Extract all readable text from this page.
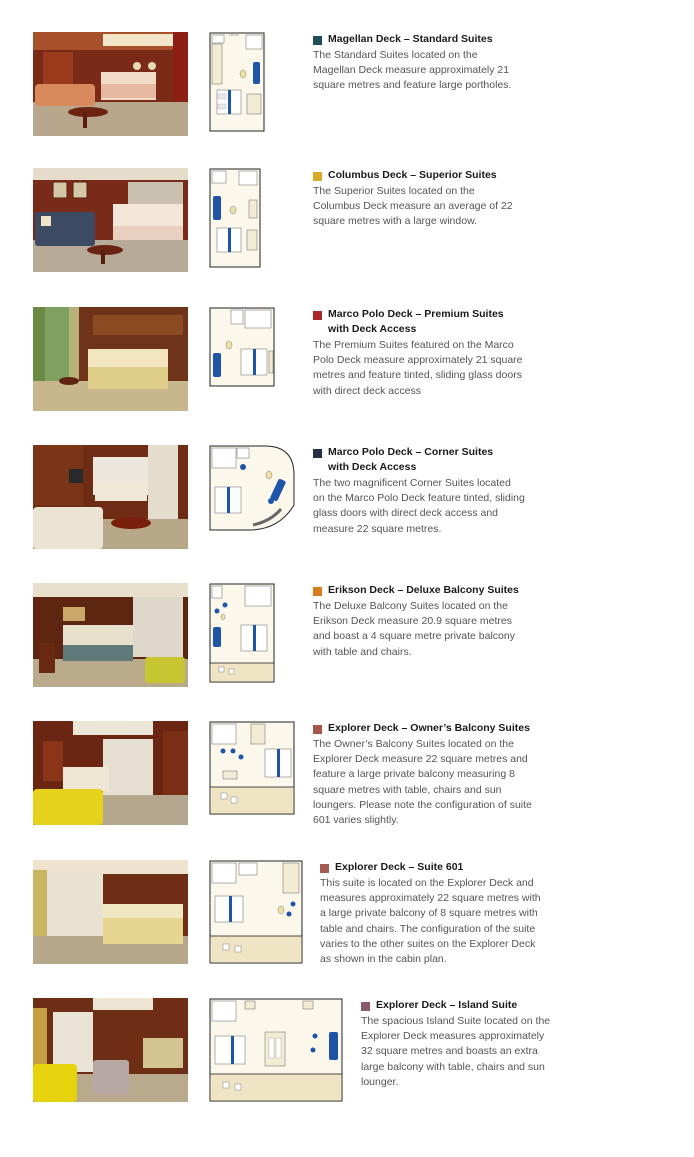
Magellan Deck – Standard Suites
The Standard Suites located on the Magellan Deck measure approximately 21 square metres and feature large portholes.
Columbus Deck – Superior Suites
The Superior Suites located on the Columbus Deck measure an average of 22 square metres with a large window.
Marco Polo Deck – Premium Suites
with Deck Access
The Premium Suites featured on the Marco Polo Deck measure approximately 21 square metres and feature tinted, sliding glass doors with direct deck access
Marco Polo Deck – Corner Suites
with Deck Access
The two magnificent Corner Suites located on the Marco Polo Deck feature tinted, sliding glass doors with direct deck access and measure 22 square metres.
Erikson Deck – Deluxe Balcony Suites
The Deluxe Balcony Suites located on the Erikson Deck measure 20.9 square metres and boast a 4 square metre private balcony with table and chairs.
Explorer Deck – Owner’s Balcony Suites
The Owner’s Balcony Suites located on the Explorer Deck measure 22 square metres and feature a large private balcony measuring 8 square metres with table, chairs and sun loungers. Please note the configuration of suite 601 varies slightly.
Explorer Deck – Suite 601
This suite is located on the Explorer Deck and measures approximately 22 square metres with a large private balcony of 8 square metres with table and chairs. The configuration of the suite varies to the other suites on the Explorer Deck as shown in the cabin plan.
Explorer Deck – Island Suite
The spacious Island Suite located on the Explorer Deck measures approximately 32 square metres and boasts an extra large balcony with table, chairs and sun lounger.
